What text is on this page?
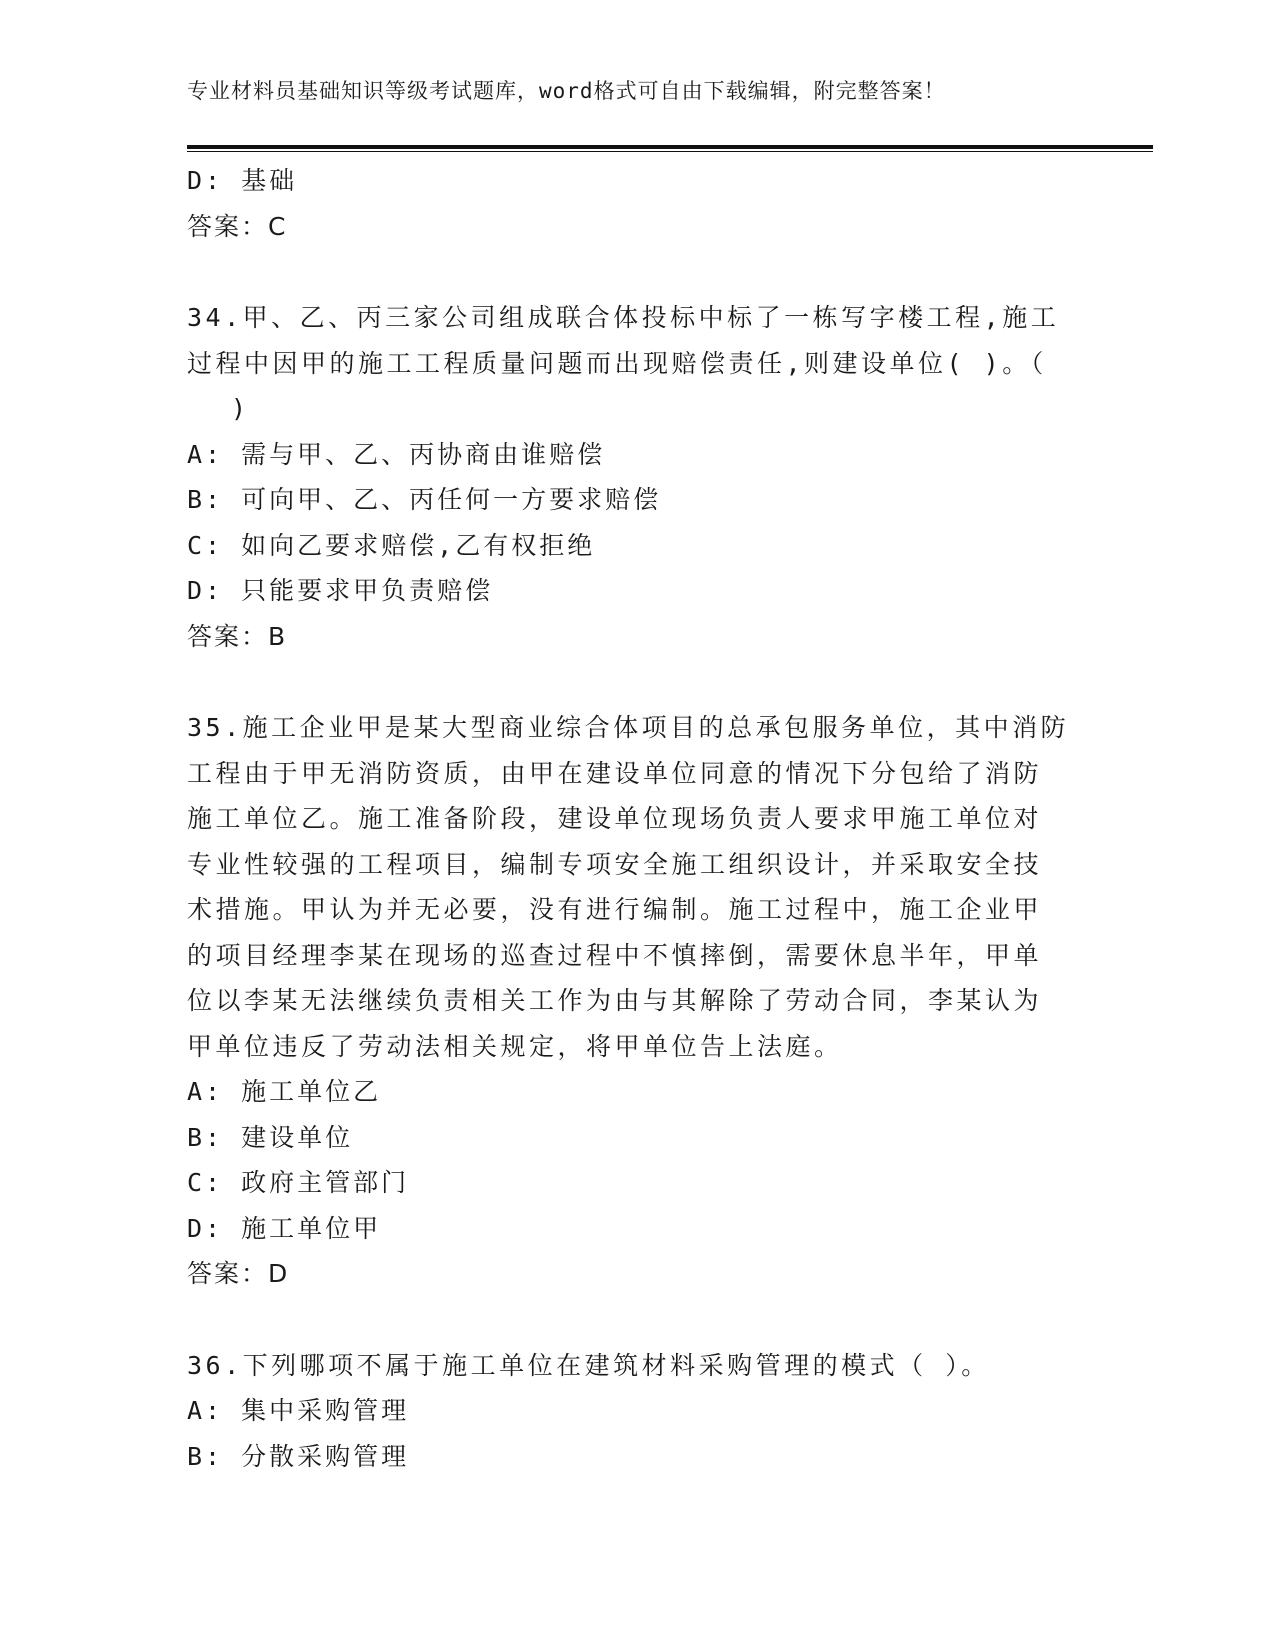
专业材料员基础知识等级考试题库，word格式可自由下载编辑，附完整答案！

D: 基础

答案：C

34.甲、乙、丙三家公司组成联合体投标中标了一栋写字楼工程,施工

过程中因甲的施工工程质量问题而出现赔偿责任,则建设单位( )。（

)

A: 需与甲、乙、丙协商由谁赔偿

B: 可向甲、乙、丙任何一方要求赔偿

C: 如向乙要求赔偿,乙有权拒绝

D: 只能要求甲负责赔偿

答案：B

35.施工企业甲是某大型商业综合体项目的总承包服务单位，其中消防

工程由于甲无消防资质，由甲在建设单位同意的情况下分包给了消防

施工单位乙。施工准备阶段，建设单位现场负责人要求甲施工单位对

专业性较强的工程项目，编制专项安全施工组织设计，并采取安全技

术措施。甲认为并无必要，没有进行编制。施工过程中，施工企业甲

的项目经理李某在现场的巡查过程中不慎摔倒，需要休息半年，甲单

位以李某无法继续负责相关工作为由与其解除了劳动合同，李某认为

甲单位违反了劳动法相关规定，将甲单位告上法庭。

A: 施工单位乙

B: 建设单位

C: 政府主管部门

D: 施工单位甲

答案：D

36.下列哪项不属于施工单位在建筑材料采购管理的模式（ ）。

A: 集中采购管理

B: 分散采购管理
